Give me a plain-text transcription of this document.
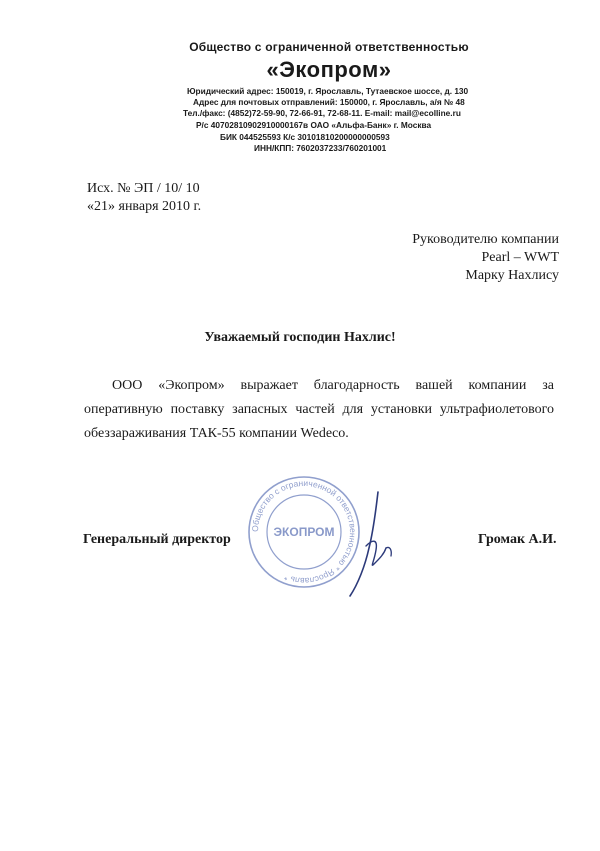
Общество с ограниченной ответственностью
«Экопром»
Юридический адрес: 150019, г. Ярославль, Тутаевское шоссе, д. 130
Адрес для почтовых отправлений: 150000, г. Ярославль, а/я № 48
Тел./факс: (4852)72-59-90, 72-66-91, 72-68-11. E-mail: mail@ecolline.ru
Р/с 40702810902910000167в ОАО «Альфа-Банк» г. Москва
БИК 044525593 К/с 30101810200000000593
ИНН/КПП: 7602037233/760201001
Исх. № ЭП / 10/ 10
«21» января 2010 г.
Руководителю компании
Pearl – WWT
Марку Нахлису
Уважаемый господин Нахлис!
ООО «Экопром» выражает благодарность вашей компании за оперативную поставку запасных частей для установки ультрафиолетового обеззараживания ТАК-55 компании Wedeco.
Генеральный директор	Громак А.И.
Общество с ограниченной ответственностью * Ярославль *
ЭКОПРОМ
